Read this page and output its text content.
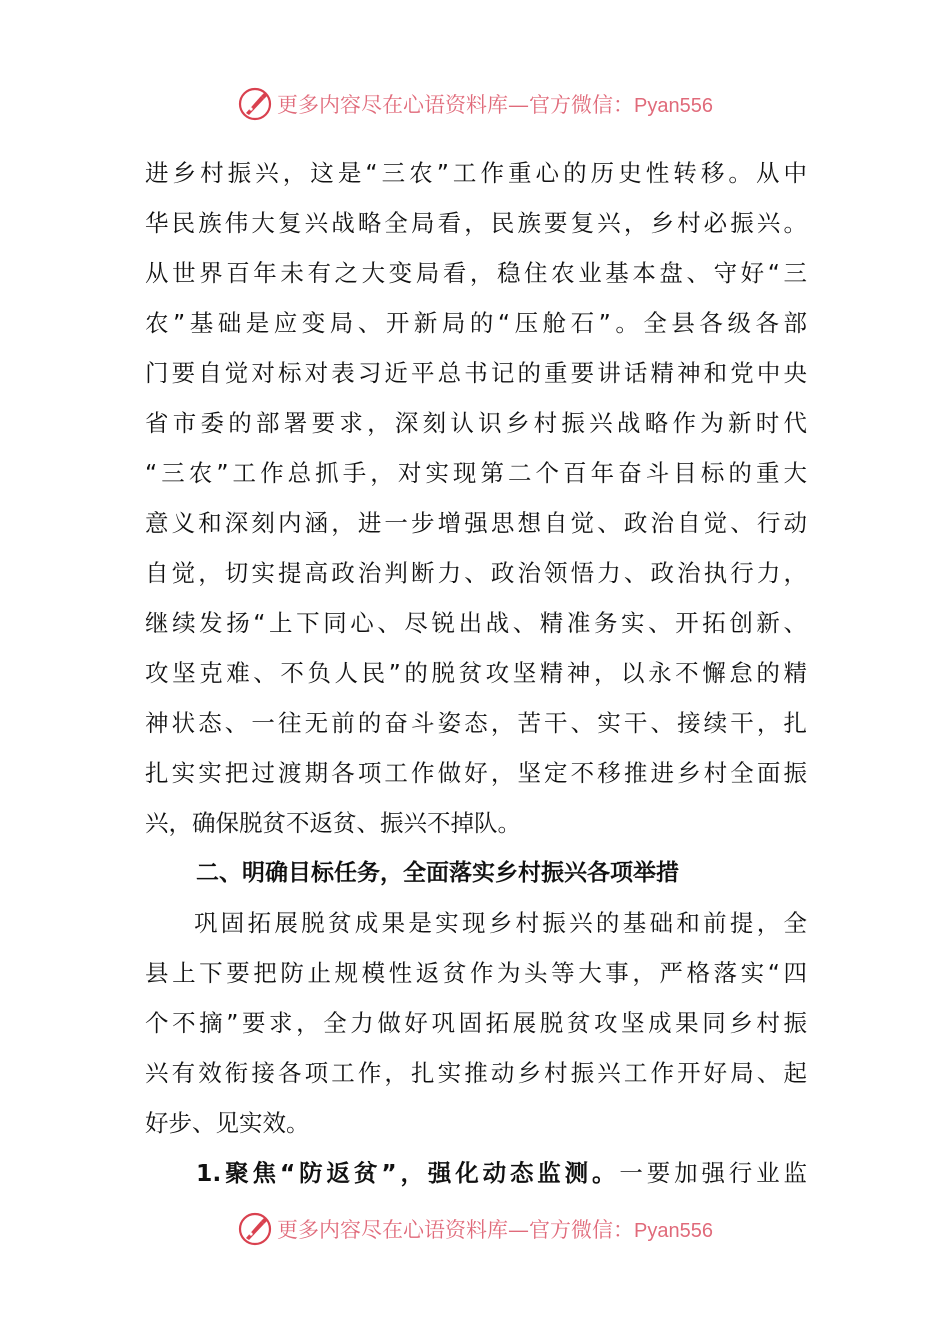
更多内容尽在心语资料库—官方微信：Pyan556
进乡村振兴，这是“三农”工作重心的历史性转移。从中
华民族伟大复兴战略全局看，民族要复兴，乡村必振兴。
从世界百年未有之大变局看，稳住农业基本盘、守好“三
农”基础是应变局、开新局的“压舱石”。全县各级各部
门要自觉对标对表习近平总书记的重要讲话精神和党中央
省市委的部署要求，深刻认识乡村振兴战略作为新时代
“三农”工作总抓手，对实现第二个百年奋斗目标的重大
意义和深刻内涵，进一步增强思想自觉、政治自觉、行动
自觉，切实提高政治判断力、政治领悟力、政治执行力，
继续发扬“上下同心、尽锐出战、精准务实、开拓创新、
攻坚克难、不负人民”的脱贫攻坚精神，以永不懈怠的精
神状态、一往无前的奋斗姿态，苦干、实干、接续干，扎
扎实实把过渡期各项工作做好，坚定不移推进乡村全面振
兴，确保脱贫不返贫、振兴不掉队。
二、明确目标任务，全面落实乡村振兴各项举措
巩固拓展脱贫成果是实现乡村振兴的基础和前提，全
县上下要把防止规模性返贫作为头等大事，严格落实“四
个不摘”要求，全力做好巩固拓展脱贫攻坚成果同乡村振
兴有效衔接各项工作，扎实推动乡村振兴工作开好局、起
好步、见实效。
1.聚焦“防返贫”，强化动态监测。一要加强行业监
更多内容尽在心语资料库—官方微信：Pyan556
